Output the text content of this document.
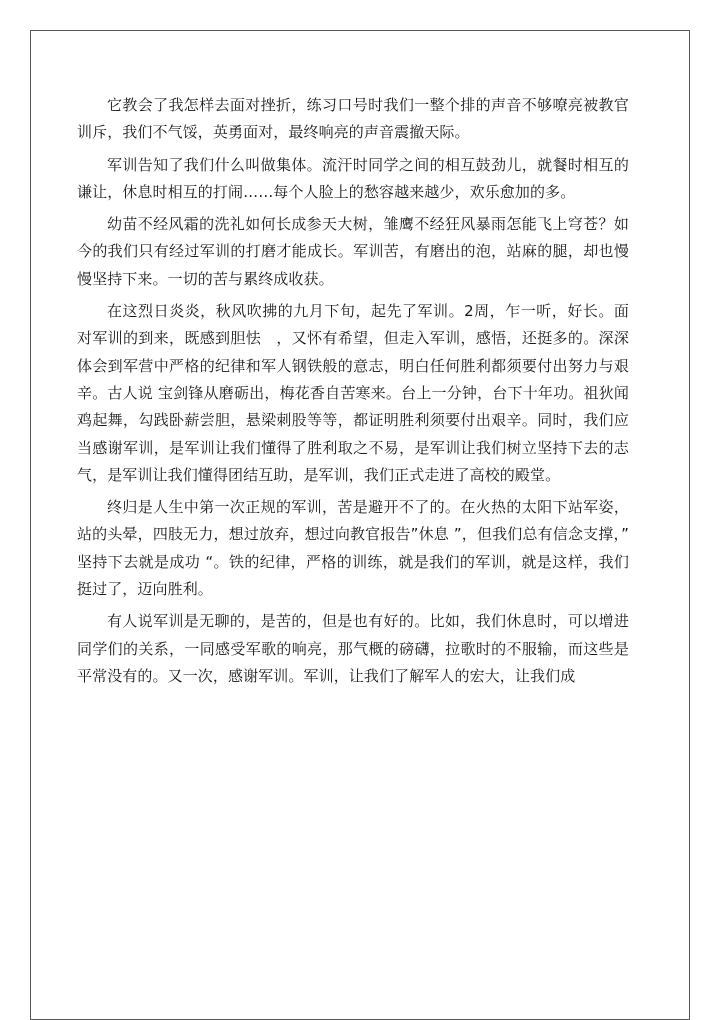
它教会了我怎样去面对挫折，练习口号时我们一整个排的声音不够嘹亮被教官训斥，我们不气馁，英勇面对，最终响亮的声音震撤天际。

军训告知了我们什么叫做集体。流汗时同学之间的相互鼓劲儿，就餐时相互的谦让，休息时相互的打闹……每个人脸上的愁容越来越少，欢乐愈加的多。

幼苗不经风霜的洗礼如何长成参天大树，雏鹰不经狂风暴雨怎能飞上穹苍？如今的我们只有经过军训的打磨才能成长。军训苦，有磨出的泡，站麻的腿，却也慢慢坚持下来。一切的苦与累终成收获。

在这烈日炎炎，秋风吹拂的九月下旬，起先了军训。2周，乍一听，好长。面对军训的到来，既感到胆怯　，又怀有希望，但走入军训，感悟，还挺多的。深深体会到军营中严格的纪律和军人钢铁般的意志，明白任何胜利都须要付出努力与艰辛。古人说 宝剑锋从磨砺出，梅花香自苦寒来。台上一分钟，台下十年功。祖狄闻鸡起舞，勾践卧薪尝胆，悬梁刺股等等，都证明胜利须要付出艰辛。同时，我们应当感谢军训，是军训让我们懂得了胜利取之不易，是军训让我们树立坚持下去的志气，是军训让我们懂得团结互助，是军训，我们正式走进了高校的殿堂。

终归是人生中第一次正规的军训，苦是避开不了的。在火热的太阳下站军姿，站的头晕，四肢无力，想过放弃，想过向教官报告”休息 ”，但我们总有信念支撑，” 坚持下去就是成功 “。铁的纪律，严格的训练，就是我们的军训，就是这样，我们挺过了，迈向胜利。

有人说军训是无聊的，是苦的，但是也有好的。比如，我们休息时，可以增进同学们的关系，一同感受军歌的响亮，那气概的磅礴，拉歌时的不服输，而这些是平常没有的。又一次，感谢军训。军训，让我们了解军人的宏大，让我们成
